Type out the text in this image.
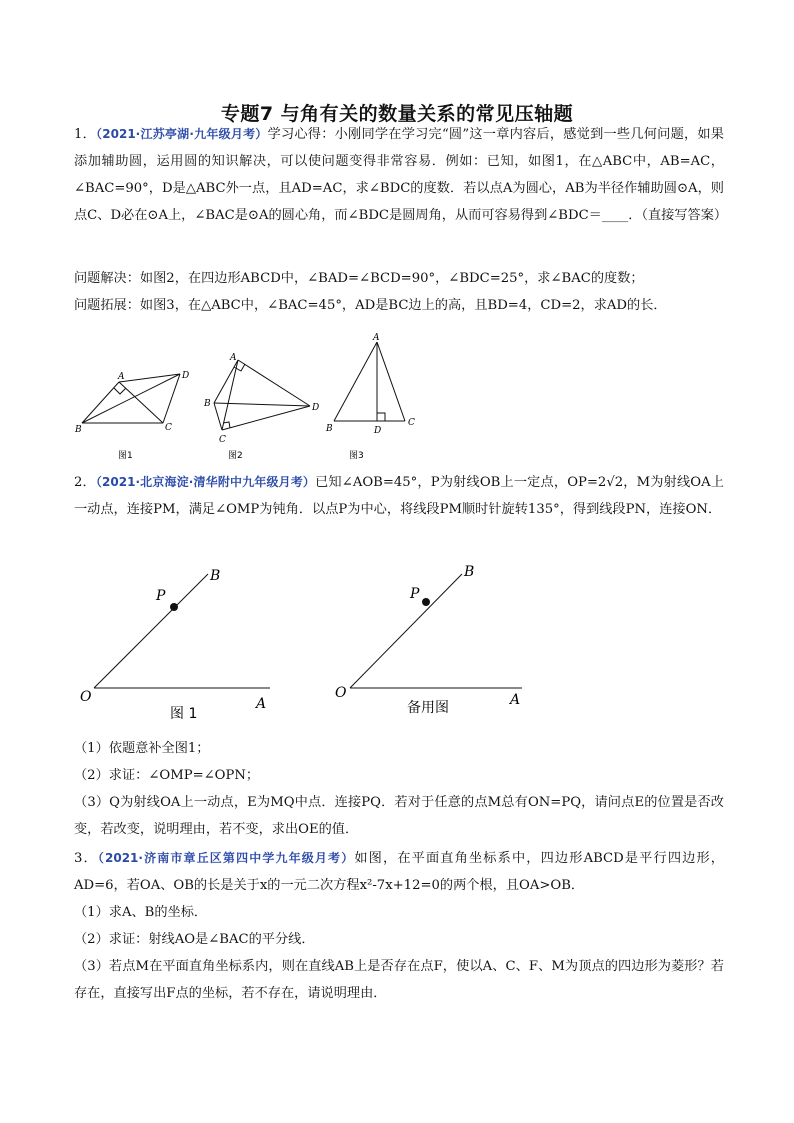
专题7 与角有关的数量关系的常见压轴题
1．（2021·江苏亭湖·九年级月考）学习心得：小刚同学在学习完“圆”这一章内容后，感觉到一些几何问题，如果添加辅助圆，运用圆的知识解决，可以使问题变得非常容易．例如：已知，如图1，在△ABC中，AB=AC，∠BAC=90°，D是△ABC外一点，且AD=AC，求∠BDC的度数．若以点A为圆心，AB为半径作辅助圆⊙A，则点C、D必在⊙A上，∠BAC是⊙A的圆心角，而∠BDC是圆周角，从而可容易得到∠BDC＝____．（直接写答案）
问题解决：如图2，在四边形ABCD中，∠BAD=∠BCD=90°，∠BDC=25°，求∠BAC的度数；
问题拓展：如图3，在△ABC中，∠BAC=45°，AD是BC边上的高，且BD=4，CD=2，求AD的长．
A
B	C
D
图1
A
B
C
D
图2
A
B
C
D
图3
2．（2021·北京海淀·清华附中九年级月考）已知∠AOB=45°，P为射线OB上一定点，OP=2√2，M为射线OA上一动点，连接PM，满足∠OMP为钝角．以点P为中心，将线段PM顺时针旋转135°，得到线段PN，连接ON．
O	A
B
P
图 1
O	A
B
P
备用图
（1）依题意补全图1；
（2）求证：∠OMP=∠OPN；
（3）Q为射线OA上一动点，E为MQ中点．连接PQ．若对于任意的点M总有ON=PQ，请问点E的位置是否改变，若改变，说明理由，若不变，求出OE的值．
3．（2021·济南市章丘区第四中学九年级月考）如图，在平面直角坐标系中，四边形ABCD是平行四边形，AD=6，若OA、OB的长是关于x的一元二次方程x²-7x+12=0的两个根，且OA>OB．
（1）求A、B的坐标．
（2）求证：射线AO是∠BAC的平分线．
（3）若点M在平面直角坐标系内，则在直线AB上是否存在点F，使以A、C、F、M为顶点的四边形为菱形？若存在，直接写出F点的坐标，若不存在，请说明理由．
